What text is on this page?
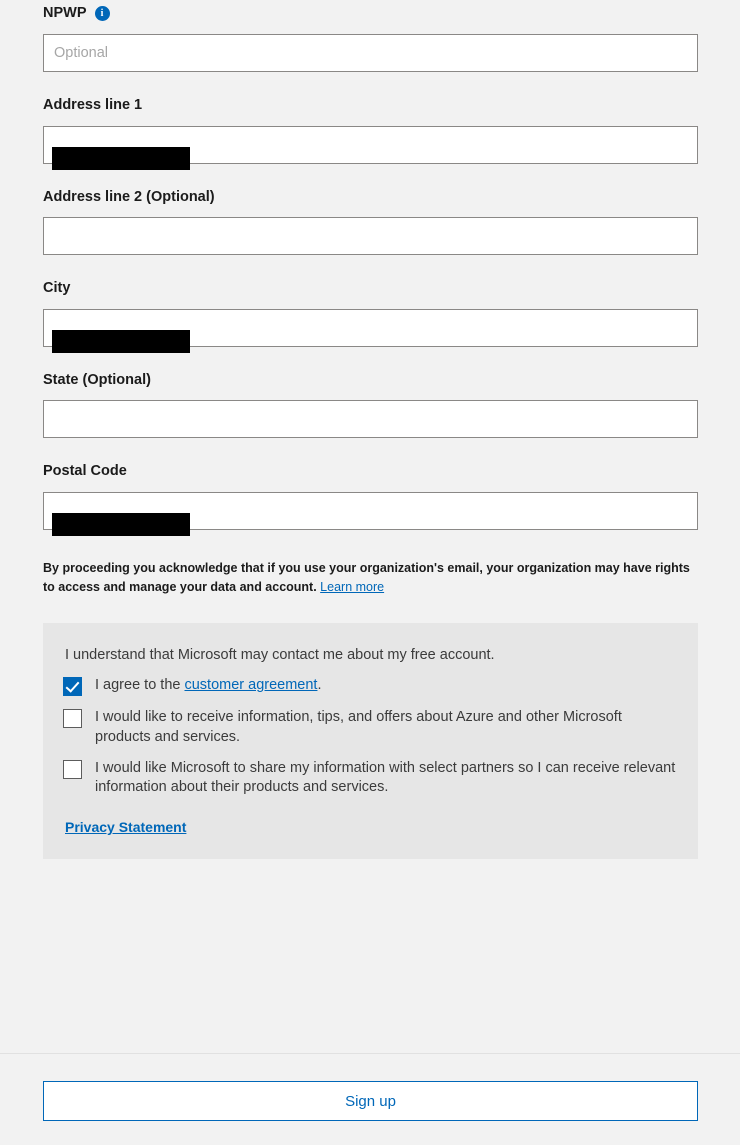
NPWP	i
Optional
Address line 1
Address line 2 (Optional)
City
State (Optional)
Postal Code

By proceeding you acknowledge that if you use your organization's email, your organization may have rights to access and manage your data and account. Learn more

I understand that Microsoft may contact me about my free account.

I agree to the customer agreement.
I would like to receive information, tips, and offers about Azure and other Microsoft products and services.
I would like Microsoft to share my information with select partners so I can receive relevant information about their products and services.
Privacy Statement
Sign up
